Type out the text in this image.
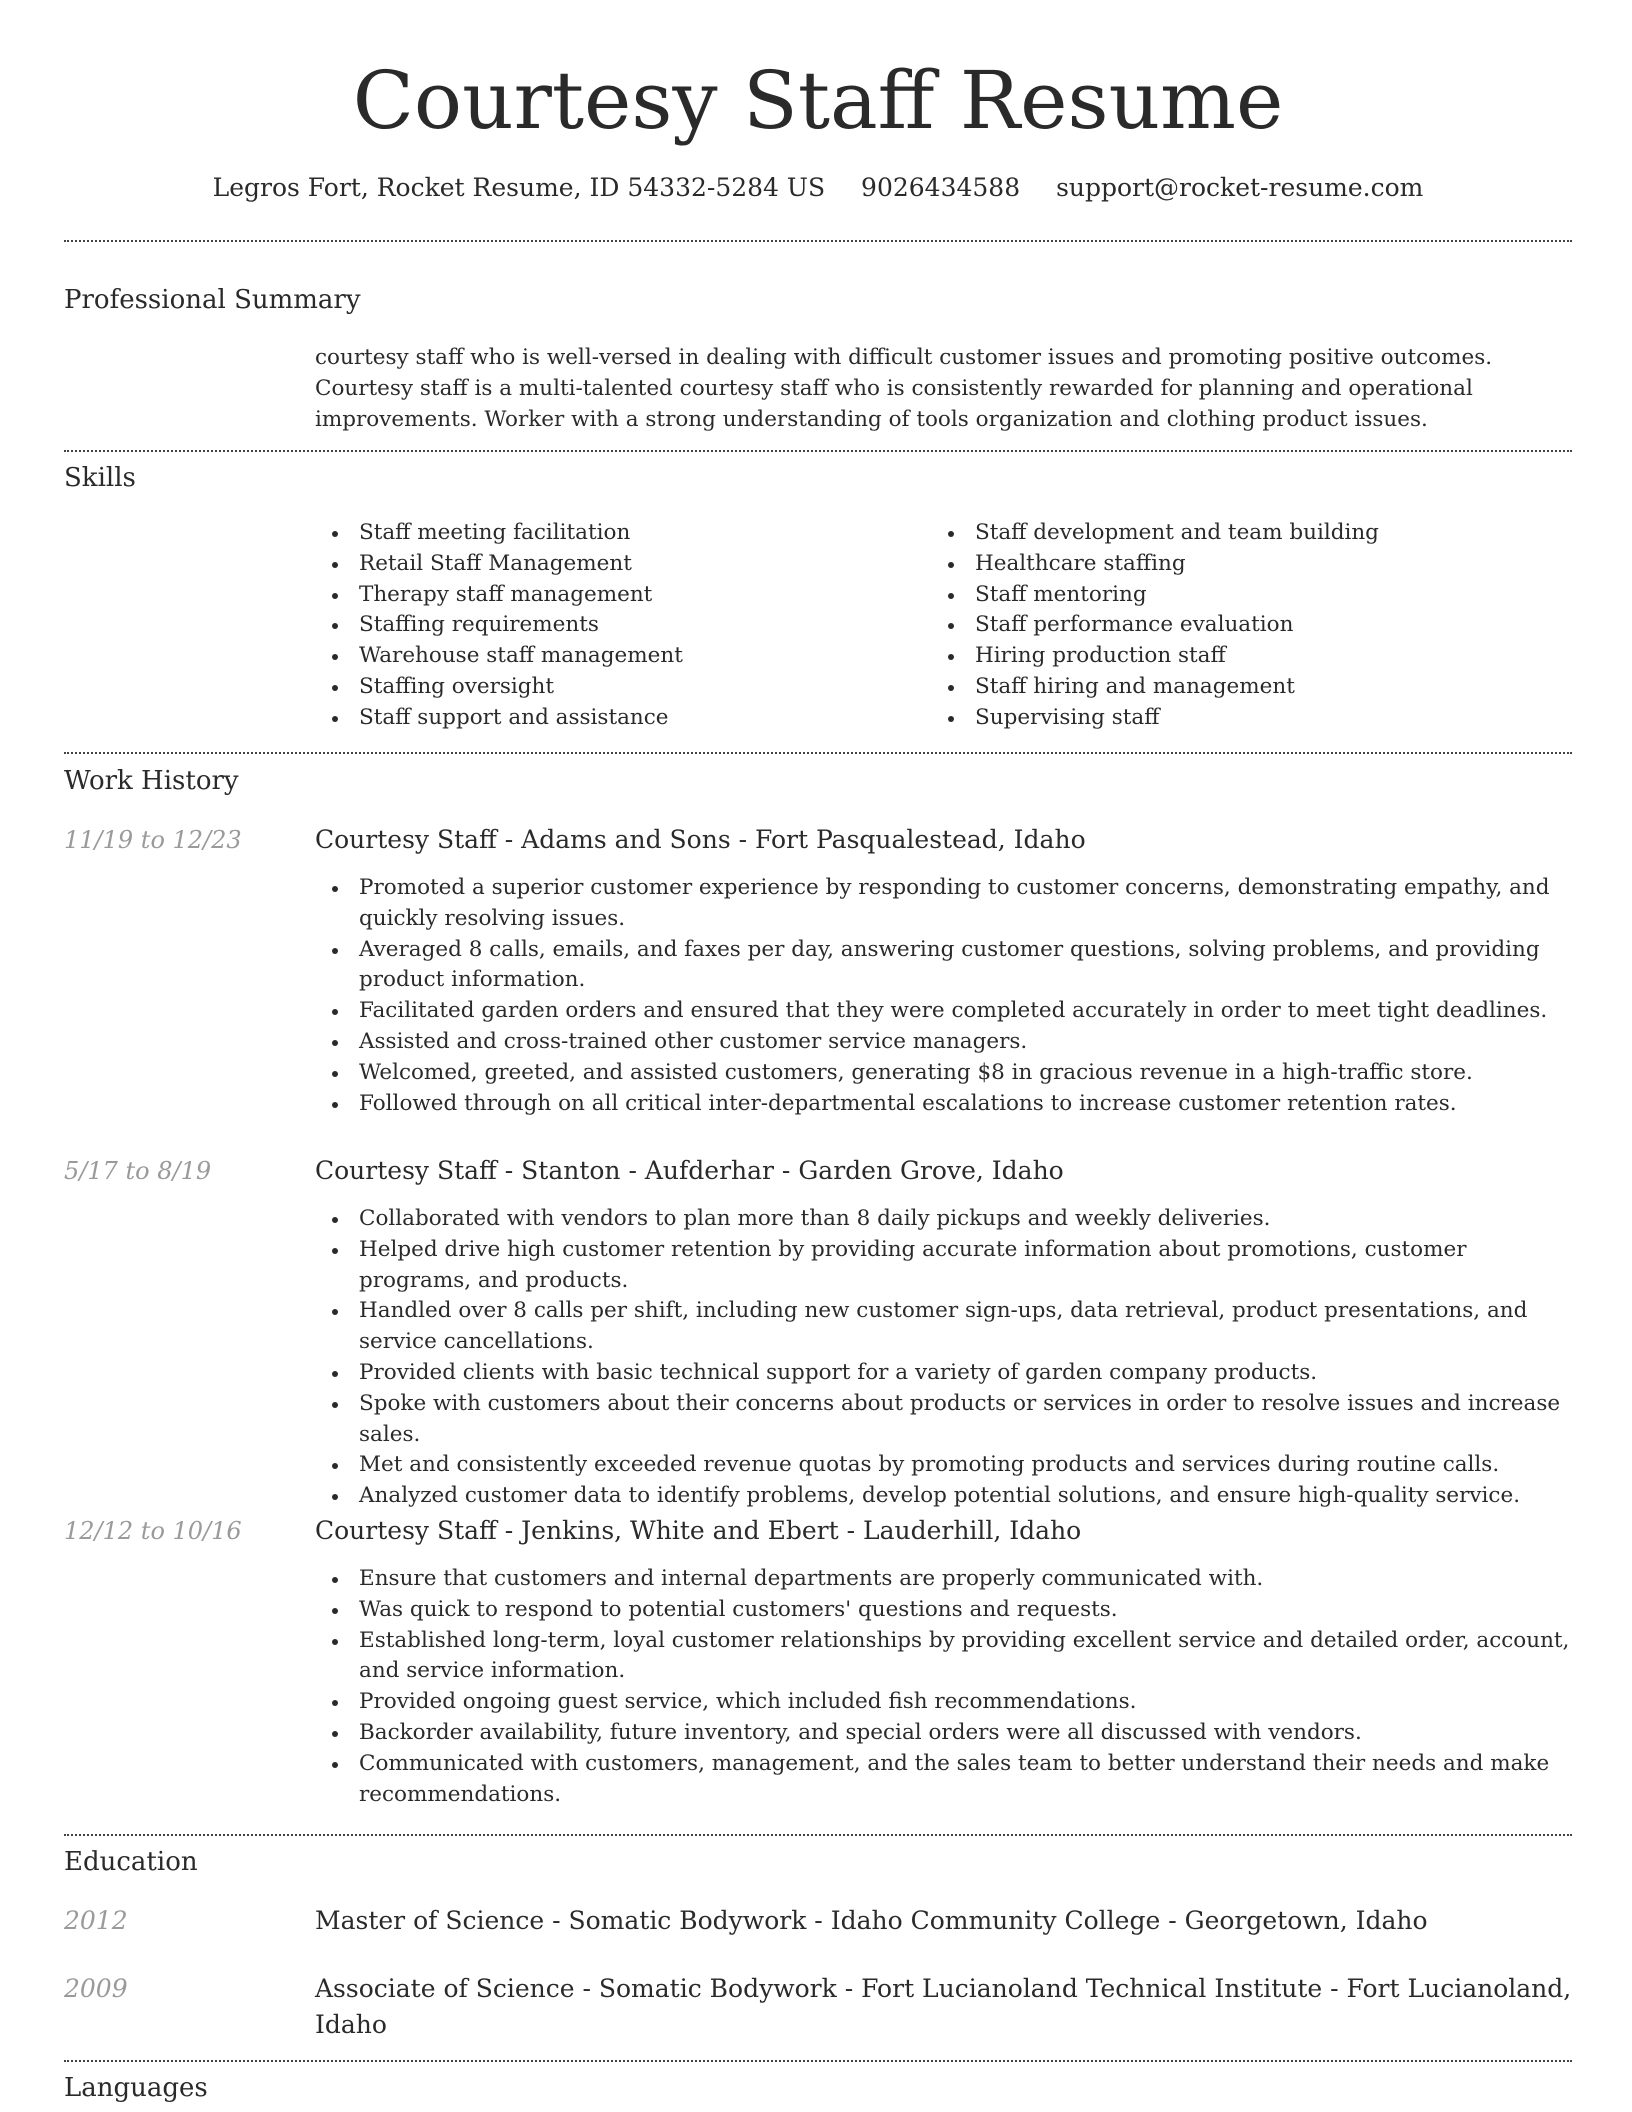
Courtesy Staff Resume
Legros Fort, Rocket Resume, ID 54332-5284 US 9026434588 support@rocket-resume.com
Professional Summary
courtesy staff who is well-versed in dealing with difficult customer issues and promoting positive outcomes. Courtesy staff is a multi-talented courtesy staff who is consistently rewarded for planning and operational improvements. Worker with a strong understanding of tools organization and clothing product issues.
Skills
Staff meeting facilitation
Retail Staff Management
Therapy staff management
Staffing requirements
Warehouse staff management
Staffing oversight
Staff support and assistance
Staff development and team building
Healthcare staffing
Staff mentoring
Staff performance evaluation
Hiring production staff
Staff hiring and management
Supervising staff
Work History
11/19 to 12/23	Courtesy Staff - Adams and Sons - Fort Pasqualestead, Idaho
Promoted a superior customer experience by responding to customer concerns, demonstrating empathy, and quickly resolving issues.
Averaged 8 calls, emails, and faxes per day, answering customer questions, solving problems, and providing product information.
Facilitated garden orders and ensured that they were completed accurately in order to meet tight deadlines.
Assisted and cross-trained other customer service managers.
Welcomed, greeted, and assisted customers, generating $8 in gracious revenue in a high-traffic store.
Followed through on all critical inter-departmental escalations to increase customer retention rates.
5/17 to 8/19	Courtesy Staff - Stanton - Aufderhar - Garden Grove, Idaho
Collaborated with vendors to plan more than 8 daily pickups and weekly deliveries.
Helped drive high customer retention by providing accurate information about promotions, customer programs, and products.
Handled over 8 calls per shift, including new customer sign-ups, data retrieval, product presentations, and service cancellations.
Provided clients with basic technical support for a variety of garden company products.
Spoke with customers about their concerns about products or services in order to resolve issues and increase sales.
Met and consistently exceeded revenue quotas by promoting products and services during routine calls.
Analyzed customer data to identify problems, develop potential solutions, and ensure high-quality service.
12/12 to 10/16	Courtesy Staff - Jenkins, White and Ebert - Lauderhill, Idaho
Ensure that customers and internal departments are properly communicated with.
Was quick to respond to potential customers' questions and requests.
Established long-term, loyal customer relationships by providing excellent service and detailed order, account, and service information.
Provided ongoing guest service, which included fish recommendations.
Backorder availability, future inventory, and special orders were all discussed with vendors.
Communicated with customers, management, and the sales team to better understand their needs and make recommendations.
Education
2012	Master of Science - Somatic Bodywork - Idaho Community College - Georgetown, Idaho
2009	Associate of Science - Somatic Bodywork - Fort Lucianoland Technical Institute - Fort Lucianoland, Idaho
Languages
